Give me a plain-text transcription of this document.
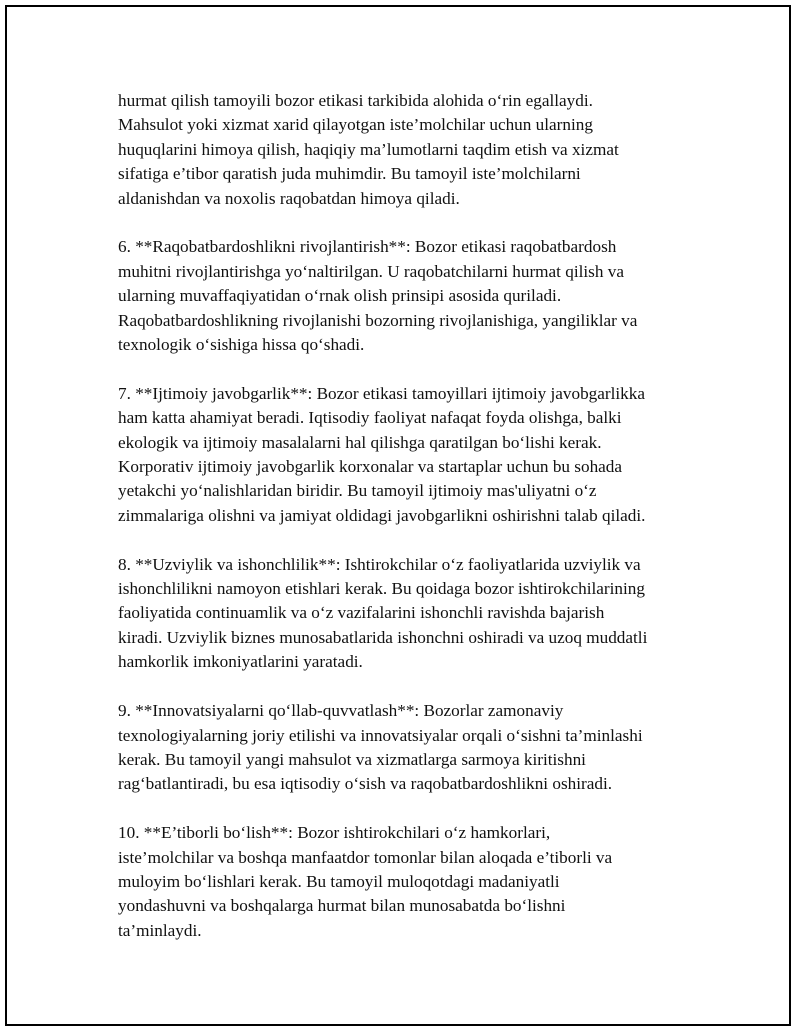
hurmat qilish tamoyili bozor etikasi tarkibida alohida o‘rin egallaydi.
Mahsulot yoki xizmat xarid qilayotgan iste’molchilar uchun ularning
huquqlarini himoya qilish, haqiqiy ma’lumotlarni taqdim etish va xizmat
sifatiga e’tibor qaratish juda muhimdir. Bu tamoyil iste’molchilarni
aldanishdan va noxolis raqobatdan himoya qiladi.

6. **Raqobatbardoshlikni rivojlantirish**: Bozor etikasi raqobatbardosh
muhitni rivojlantirishga yo‘naltirilgan. U raqobatchilarni hurmat qilish va
ularning muvaffaqiyatidan o‘rnak olish prinsipi asosida quriladi.
Raqobatbardoshlikning rivojlanishi bozorning rivojlanishiga, yangiliklar va
texnologik o‘sishiga hissa qo‘shadi.

7. **Ijtimoiy javobgarlik**: Bozor etikasi tamoyillari ijtimoiy javobgarlikka
ham katta ahamiyat beradi. Iqtisodiy faoliyat nafaqat foyda olishga, balki
ekologik va ijtimoiy masalalarni hal qilishga qaratilgan bo‘lishi kerak.
Korporativ ijtimoiy javobgarlik korxonalar va startaplar uchun bu sohada
yetakchi yo‘nalishlaridan biridir. Bu tamoyil ijtimoiy mas'uliyatni o‘z
zimmalariga olishni va jamiyat oldidagi javobgarlikni oshirishni talab qiladi.

8. **Uzviylik va ishonchlilik**: Ishtirokchilar o‘z faoliyatlarida uzviylik va
ishonchlilikni namoyon etishlari kerak. Bu qoidaga bozor ishtirokchilarining
faoliyatida continuamlik va o‘z vazifalarini ishonchli ravishda bajarish
kiradi. Uzviylik biznes munosabatlarida ishonchni oshiradi va uzoq muddatli
hamkorlik imkoniyatlarini yaratadi.

9. **Innovatsiyalarni qo‘llab-quvvatlash**: Bozorlar zamonaviy
texnologiyalarning joriy etilishi va innovatsiyalar orqali o‘sishni ta’minlashi
kerak. Bu tamoyil yangi mahsulot va xizmatlarga sarmoya kiritishni
rag‘batlantiradi, bu esa iqtisodiy o‘sish va raqobatbardoshlikni oshiradi.

10. **E’tiborli bo‘lish**: Bozor ishtirokchilari o‘z hamkorlari,
iste’molchilar va boshqa manfaatdor tomonlar bilan aloqada e’tiborli va
muloyim bo‘lishlari kerak. Bu tamoyil muloqotdagi madaniyatli
yondashuvni va boshqalarga hurmat bilan munosabatda bo‘lishni
ta’minlaydi.
